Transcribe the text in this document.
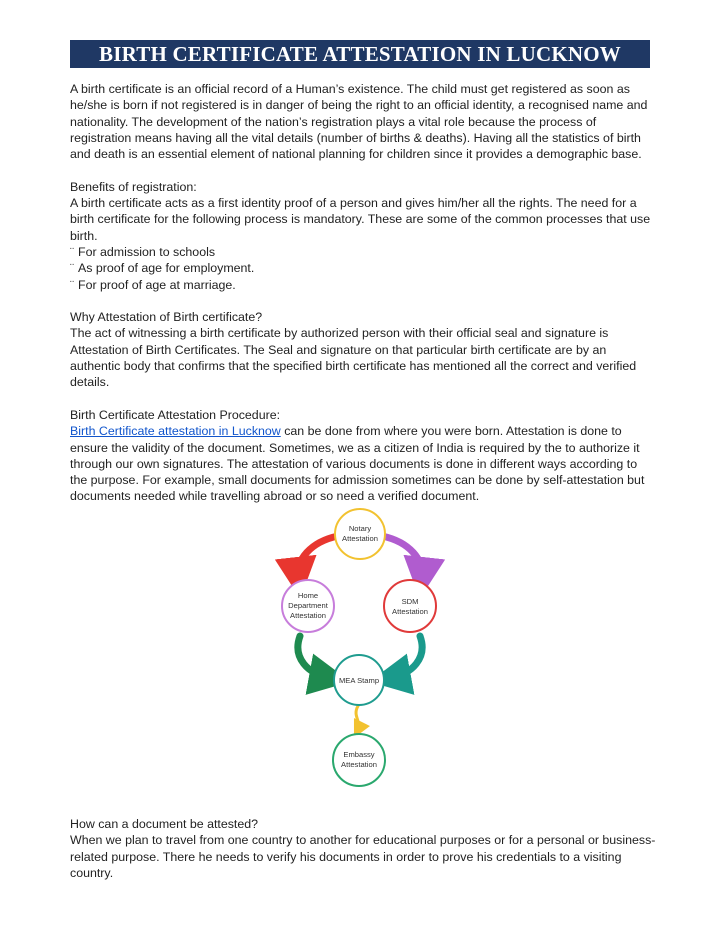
BIRTH CERTIFICATE ATTESTATION IN LUCKNOW

A birth certificate is an official record of a Human’s existence. The child must get registered as soon as he/she is born if not registered is in danger of being the right to an official identity, a recognised name and nationality. The development of the nation’s registration plays a vital role because the process of registration means having all the vital details (number of births & deaths). Having all the statistics of birth and death is an essential element of national planning for children since it provides a demographic base.

Benefits of registration:

A birth certificate acts as a first identity proof of a person and gives him/her all the rights. The need for a birth certificate for the following process is mandatory. These are some of the common processes that use birth.

¨ For admission to schools
¨ As proof of age for employment.
¨ For proof of age at marriage.

Why Attestation of Birth certificate?

The act of witnessing a birth certificate by authorized person with their official seal and signature is Attestation of Birth Certificates. The Seal and signature on that particular birth certificate are by an authentic body that confirms that the specified birth certificate has mentioned all the correct and verified details.

Birth Certificate Attestation Procedure:

Birth Certificate attestation in Lucknow can be done from where you were born. Attestation is done to ensure the validity of the document. Sometimes, we as a citizen of India is required by the to authorize it through our own signatures. The attestation of various documents is done in different ways according to the purpose. For example, small documents for admission sometimes can be done by self-attestation but documents needed while travelling abroad or so need a verified document.

Notary
Attestation
Home
Department
Attestation
SDM
Attestation
MEA Stamp
Embassy
Attestation

How can a document be attested?

When we plan to travel from one country to another for educational purposes or for a personal or business-related purpose. There he needs to verify his documents in order to prove his credentials to a visiting country.
